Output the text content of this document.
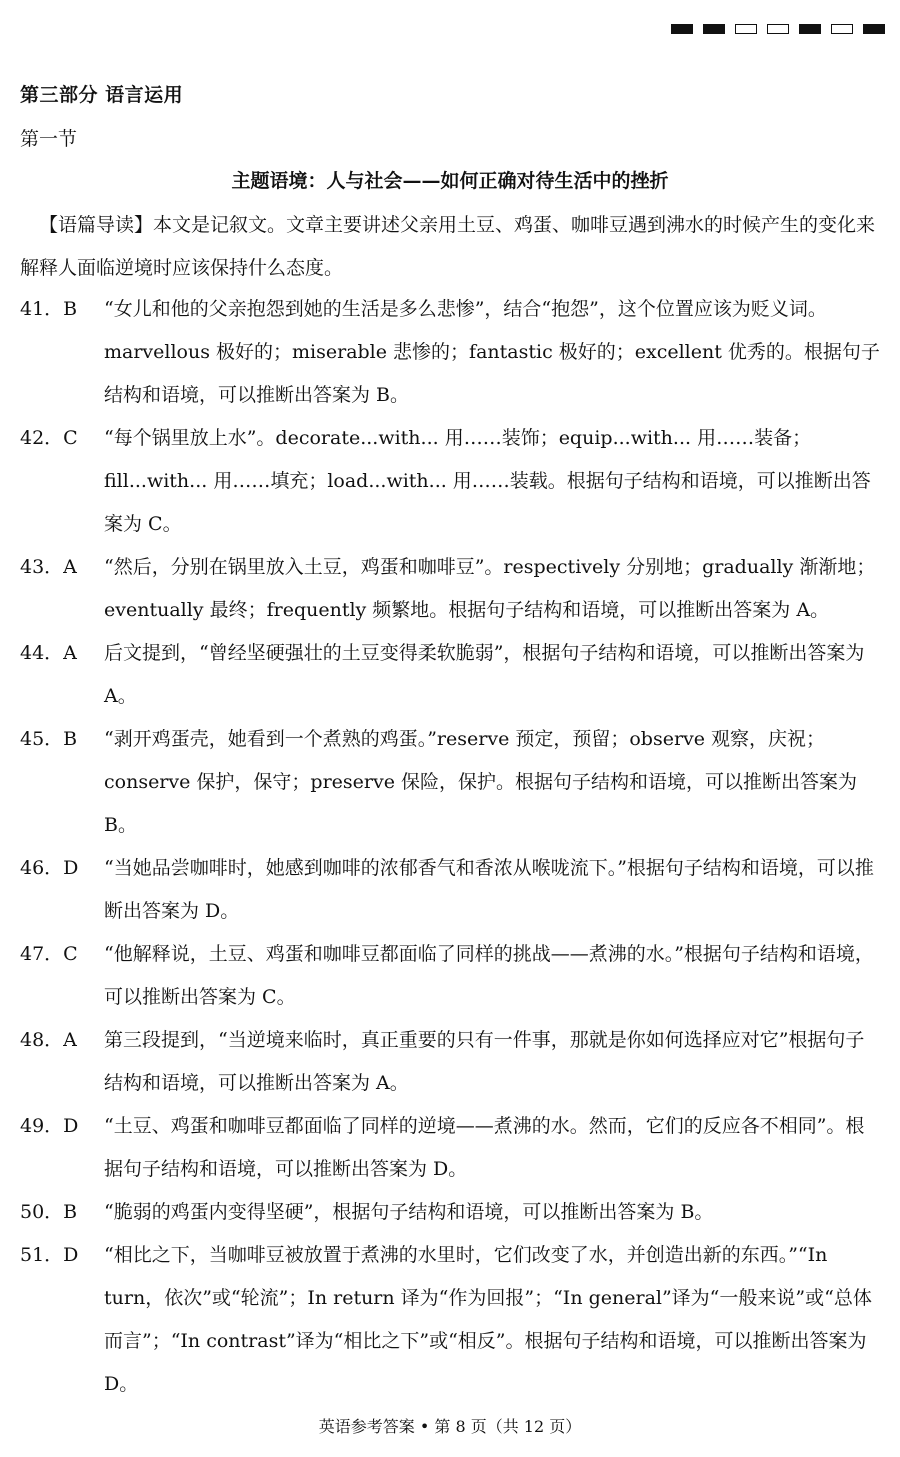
第三部分 语言运用
第一节
主题语境：人与社会——如何正确对待生活中的挫折
【语篇导读】本文是记叙文。文章主要讲述父亲用土豆、鸡蛋、咖啡豆遇到沸水的时候产生的变化来解释人面临逆境时应该保持什么态度。
41．B	“女儿和他的父亲抱怨到她的生活是多么悲惨”，结合“抱怨”，这个位置应该为贬义词。marvellous 极好的；miserable 悲惨的；fantastic 极好的；excellent 优秀的。根据句子结构和语境，可以推断出答案为 B。
42．C	“每个锅里放上水”。decorate...with... 用……装饰；equip...with... 用……装备；fill...with... 用……填充；load...with... 用……装载。根据句子结构和语境，可以推断出答案为 C。
43．A	“然后，分别在锅里放入土豆，鸡蛋和咖啡豆”。respectively 分别地；gradually 渐渐地；eventually 最终；frequently 频繁地。根据句子结构和语境，可以推断出答案为 A。
44．A	后文提到，“曾经坚硬强壮的土豆变得柔软脆弱”，根据句子结构和语境，可以推断出答案为 A。
45．B	“剥开鸡蛋壳，她看到一个煮熟的鸡蛋。”reserve 预定，预留；observe 观察，庆祝；conserve 保护，保守；preserve 保险，保护。根据句子结构和语境，可以推断出答案为 B。
46．D	“当她品尝咖啡时，她感到咖啡的浓郁香气和香浓从喉咙流下。”根据句子结构和语境，可以推断出答案为 D。
47．C	“他解释说，土豆、鸡蛋和咖啡豆都面临了同样的挑战——煮沸的水。”根据句子结构和语境，可以推断出答案为 C。
48．A	第三段提到，“当逆境来临时，真正重要的只有一件事，那就是你如何选择应对它”根据句子结构和语境，可以推断出答案为 A。
49．D	“土豆、鸡蛋和咖啡豆都面临了同样的逆境——煮沸的水。然而，它们的反应各不相同”。根据句子结构和语境，可以推断出答案为 D。
50．B	“脆弱的鸡蛋内变得坚硬”，根据句子结构和语境，可以推断出答案为 B。
51．D	“相比之下，当咖啡豆被放置于煮沸的水里时，它们改变了水，并创造出新的东西。”“In turn，依次”或“轮流”；In return 译为“作为回报”；“In general”译为“一般来说”或“总体而言”；“In contrast”译为“相比之下”或“相反”。根据句子结构和语境，可以推断出答案为 D。
英语参考答案 • 第 8 页（共 12 页）
